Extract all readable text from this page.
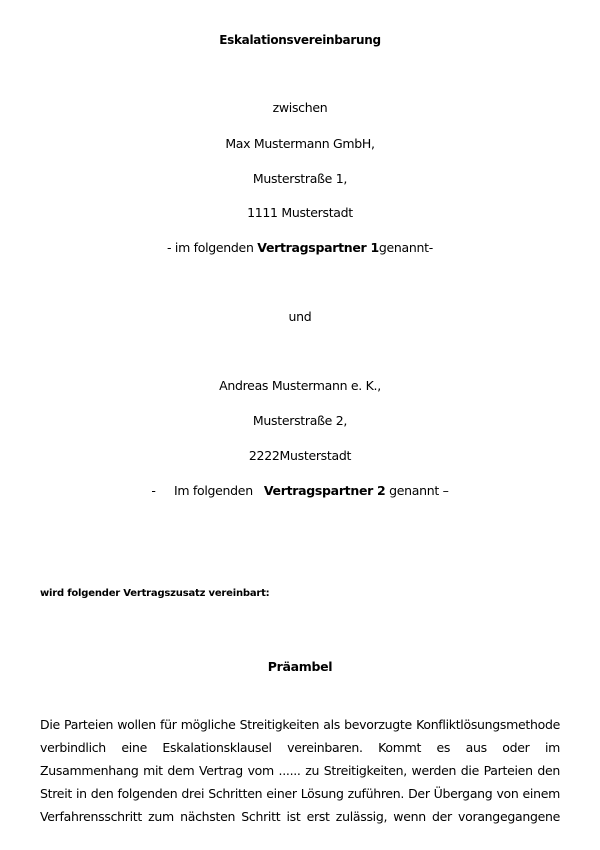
Eskalationsvereinbarung
zwischen
Max Mustermann GmbH,
Musterstraße 1,
1111 Musterstadt
- im folgenden Vertragspartner 1genannt-
und
Andreas Mustermann e. K.,
Musterstraße 2,
2222Musterstadt
-     Im folgenden   Vertragspartner 2 genannt –
wird folgender Vertragszusatz vereinbart:
Präambel
Die Parteien wollen für mögliche Streitigkeiten als bevorzugte Konfliktlösungsmethode
verbindlich eine Eskalationsklausel vereinbaren. Kommt es aus oder im
Zusammenhang mit dem Vertrag vom ...... zu Streitigkeiten, werden die Parteien den
Streit in den folgenden drei Schritten einer Lösung zuführen. Der Übergang von einem
Verfahrensschritt zum nächsten Schritt ist erst zulässig, wenn der vorangegangene
